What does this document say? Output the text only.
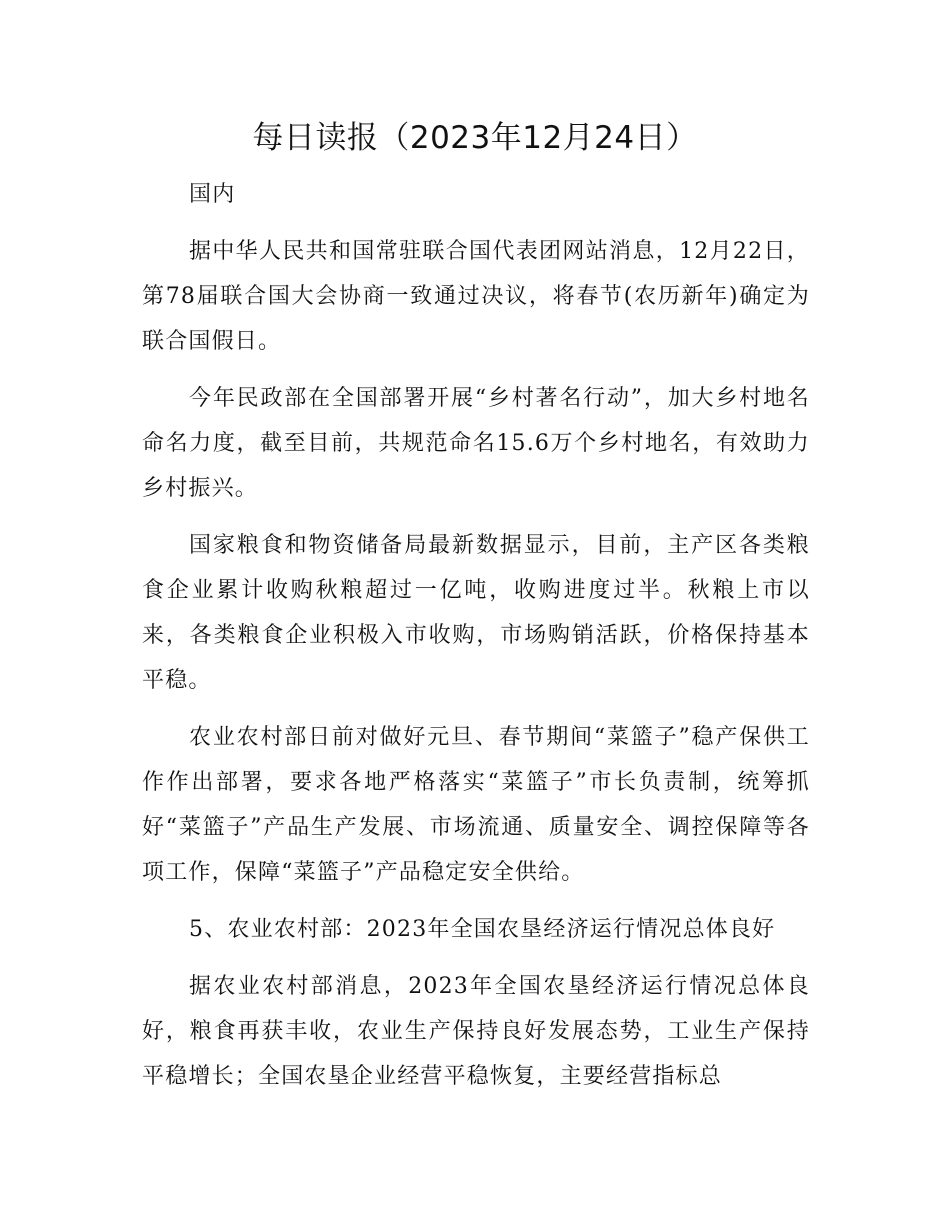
每日读报（2023年12月24日）

国内

据中华人民共和国常驻联合国代表团网站消息，12月22日，第78届联合国大会协商一致通过决议，将春节(农历新年)确定为联合国假日。

今年民政部在全国部署开展“乡村著名行动”，加大乡村地名命名力度，截至目前，共规范命名15.6万个乡村地名，有效助力乡村振兴。

国家粮食和物资储备局最新数据显示，目前，主产区各类粮食企业累计收购秋粮超过一亿吨，收购进度过半。秋粮上市以来，各类粮食企业积极入市收购，市场购销活跃，价格保持基本平稳。

农业农村部日前对做好元旦、春节期间“菜篮子”稳产保供工作作出部署，要求各地严格落实“菜篮子”市长负责制，统筹抓好“菜篮子”产品生产发展、市场流通、质量安全、调控保障等各项工作，保障“菜篮子”产品稳定安全供给。

5、农业农村部：2023年全国农垦经济运行情况总体良好

据农业农村部消息，2023年全国农垦经济运行情况总体良好，粮食再获丰收，农业生产保持良好发展态势，工业生产保持平稳增长；全国农垦企业经营平稳恢复，主要经营指标总
